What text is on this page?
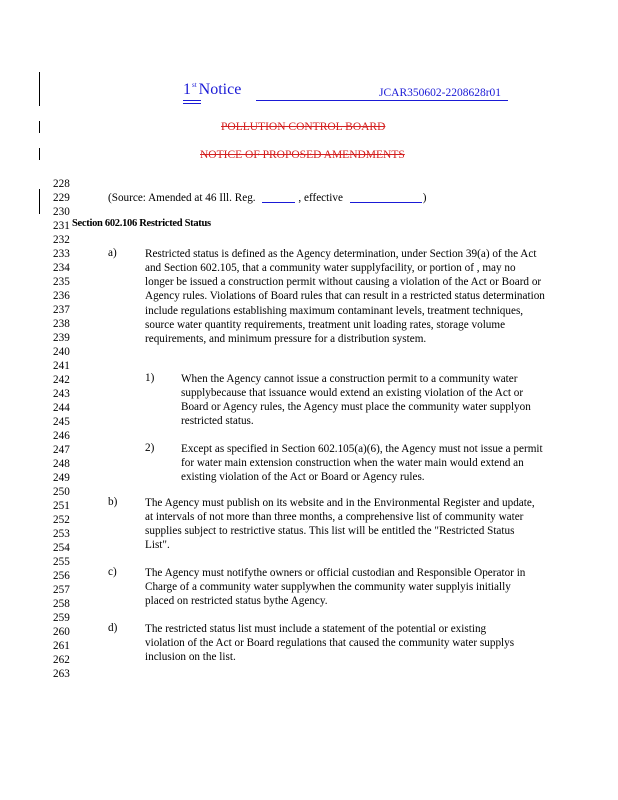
1st Notice	JCAR350602-2208628r01
POLLUTION CONTROL BOARD
NOTICE OF PROPOSED AMENDMENTS
228
229
230
231
232
233
234
235
236
237
238
239
240
241
242
243
244
245
246
247
248
249
250
251
252
253
254
255
256
257
258
259
260
261
262
263
(Source: Amended at 46 Ill. Reg.	, effective	)
Section 602.106 Restricted Status
a)	Restricted status is defined as the Agency determination, under Section 39(a) of the Act and Section 602.105, that a community water supplyfacility, or portion of , may no longer be issued a construction permit without causing a violation of the Act or Board or Agency rules. Violations of Board rules that can result in a restricted status determination include regulations establishing maximum contaminant levels, treatment techniques, source water quantity requirements, treatment unit loading rates, storage volume requirements, and minimum pressure for a distribution system.
1) When the Agency cannot issue a construction permit to a community water supplybecause that issuance would extend an existing violation of the Act or Board or Agency rules, the Agency must place the community water supplyon restricted status.
2) Except as specified in Section 602.105(a)(6), the Agency must not issue a permit for water main extension construction when the water main would extend an existing violation of the Act or Board or Agency rules.
b) The Agency must publish on its website and in the Environmental Register and update, at intervals of not more than three months, a comprehensive list of community water supplies subject to restrictive status. This list will be entitled the "Restricted Status List".
c)	The Agency must notifythe owners or official custodian and Responsible Operator in Charge of a community water supplywhen the community water supplyis initially placed on restricted status bythe Agency.
d) The restricted status list must include a statement of the potential or existing violation of the Act or Board regulations that caused the community water supplys inclusion on the list.
